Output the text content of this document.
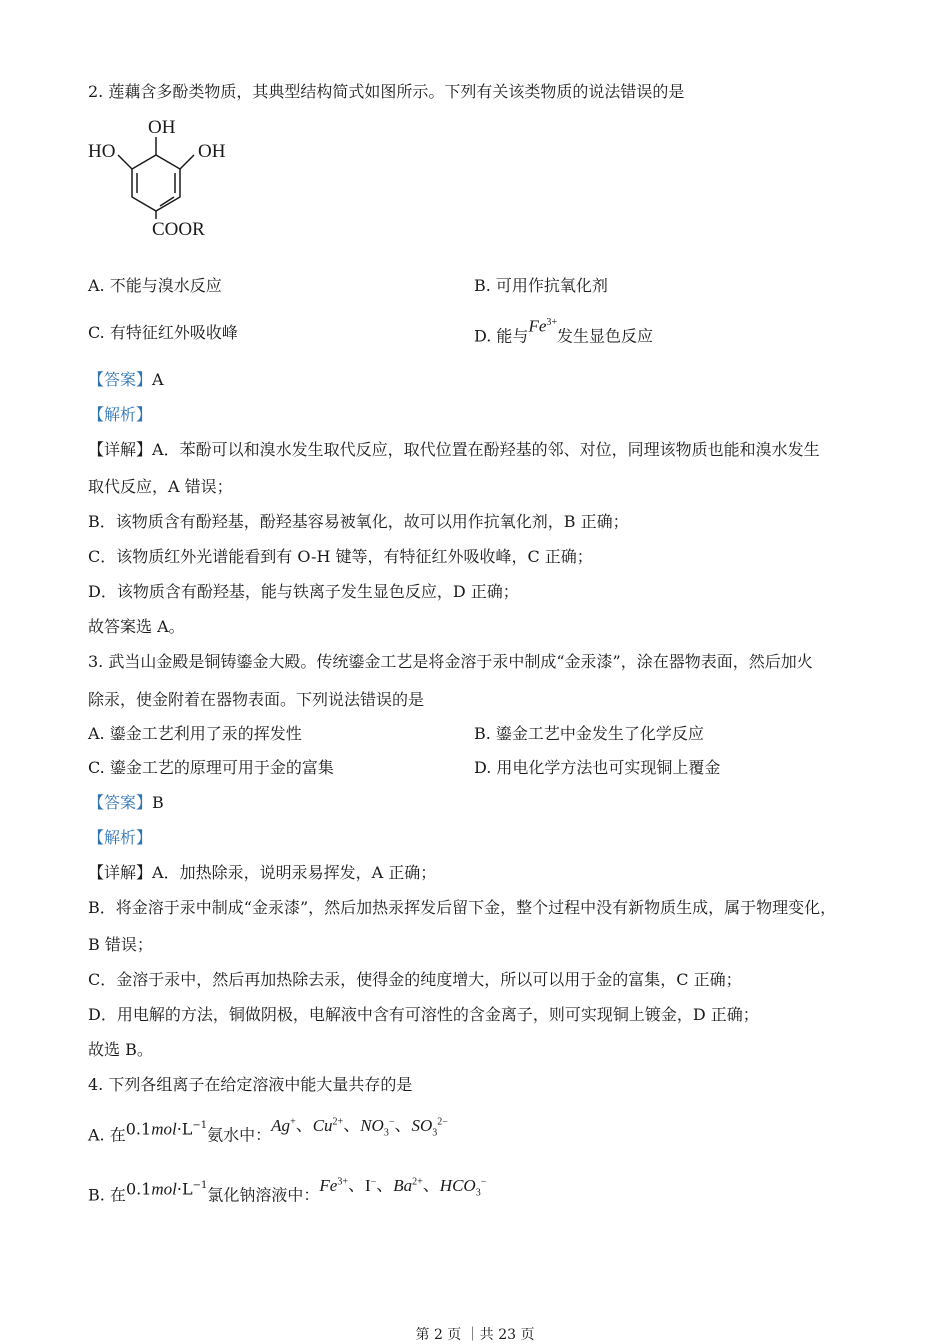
2. 莲藕含多酚类物质，其典型结构简式如图所示。下列有关该类物质的说法错误的是
OH
HO	OH
COOR
A. 不能与溴水反应	B. 可用作抗氧化剂
C. 有特征红外吸收峰	D. 能与$Fe^{3+}$发生显色反应
【答案】A
【解析】
【详解】A．苯酚可以和溴水发生取代反应，取代位置在酚羟基的邻、对位，同理该物质也能和溴水发生
取代反应，A 错误；
B．该物质含有酚羟基，酚羟基容易被氧化，故可以用作抗氧化剂，B 正确；
C．该物质红外光谱能看到有 O-H 键等，有特征红外吸收峰，C 正确；
D．该物质含有酚羟基，能与铁离子发生显色反应，D 正确；
故答案选 A。
3. 武当山金殿是铜铸鎏金大殿。传统鎏金工艺是将金溶于汞中制成“金汞漆”，涂在器物表面，然后加火
除汞，使金附着在器物表面。下列说法错误的是
A. 鎏金工艺利用了汞的挥发性	B. 鎏金工艺中金发生了化学反应
C. 鎏金工艺的原理可用于金的富集	D. 用电化学方法也可实现铜上覆金
【答案】B
【解析】
【详解】A．加热除汞，说明汞易挥发，A 正确；
B．将金溶于汞中制成“金汞漆”，然后加热汞挥发后留下金，整个过程中没有新物质生成，属于物理变化，
B 错误；
C．金溶于汞中，然后再加热除去汞，使得金的纯度增大，所以可以用于金的富集，C 正确；
D．用电解的方法，铜做阴极，电解液中含有可溶性的含金离子，则可实现铜上镀金，D 正确；
故选 B。
4. 下列各组离子在给定溶液中能大量共存的是
A. 在$0.1mol\cdot L^{-1}$氨水中：Ag+、$Cu^{2+}$、$NO_3^-$、$SO_3^{2-}$
B. 在$0.1mol\cdot L^{-1}$氯化钠溶液中：$Fe^{3+}$、I−、$Ba^{2+}$、$HCO_3^-$
第 2 页 ｜共 23 页
